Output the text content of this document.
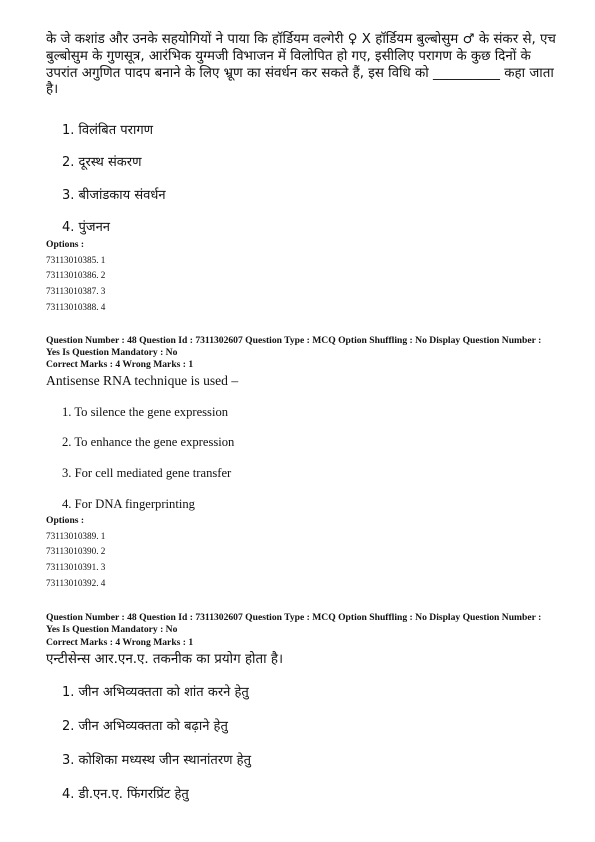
के जे कशांड और उनके सहयोगियों ने पाया कि हॉर्डियम वल्गेरी ♀ X हॉर्डियम बुल्बोसुम ♂ के संकर से, एच बुल्बोसुम के गुणसूत्र, आरंभिक युग्मजी विभाजन में विलोपित हो गए, इसीलिए परागण के कुछ दिनों के उपरांत अगुणित पादप बनाने के लिए भ्रूण का संवर्धन कर सकते हैं, इस विधि को __________ कहा जाता है।

1. विलंबित परागण
2. दूरस्थ संकरण
3. बीजांडकाय संवर्धन
4. पुंजनन
Options :
73113010385. 1
73113010386. 2
73113010387. 3
73113010388. 4
Question Number : 48 Question Id : 7311302607 Question Type : MCQ Option Shuffling : No Display Question Number : Yes Is Question Mandatory : No
Correct Marks : 4 Wrong Marks : 1
Antisense RNA technique is used –
1. To silence the gene expression
2. To enhance the gene expression
3. For cell mediated gene transfer
4. For DNA fingerprinting
Options :
73113010389. 1
73113010390. 2
73113010391. 3
73113010392. 4
Question Number : 48 Question Id : 7311302607 Question Type : MCQ Option Shuffling : No Display Question Number : Yes Is Question Mandatory : No
Correct Marks : 4 Wrong Marks : 1
एन्टीसेन्स आर.एन.ए. तकनीक का प्रयोग होता है।
1. जीन अभिव्यक्तता को शांत करने हेतु
2. जीन अभिव्यक्तता को बढ़ाने हेतु
3. कोशिका मध्यस्थ जीन स्थानांतरण हेतु
4. डी.एन.ए. फिंगरप्रिंट हेतु
